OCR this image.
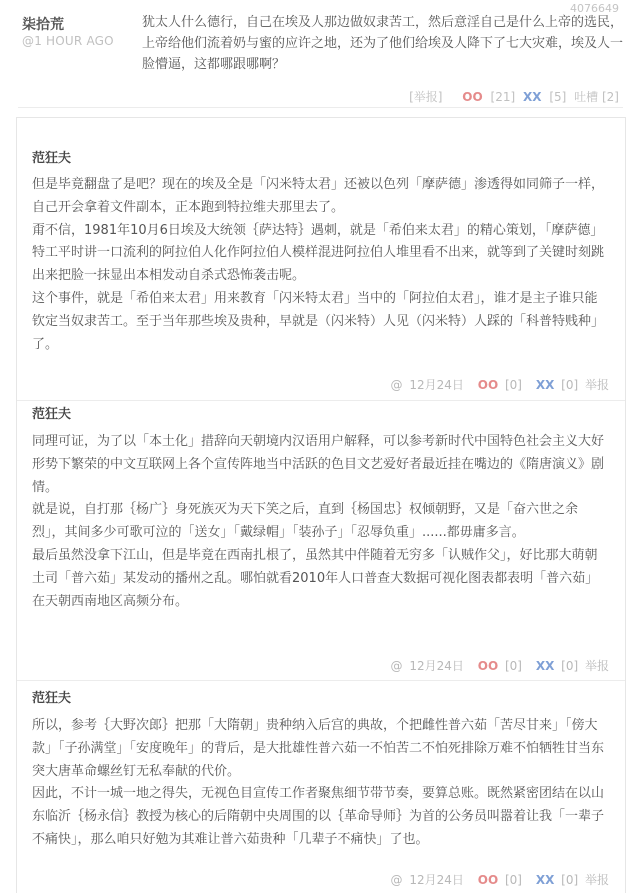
4076649
柒拾荒
@1 HOUR AGO
犹太人什么德行，自己在埃及人那边做奴隶苦工，然后意淫自己是什么上帝的选民，上帝给他们流着奶与蜜的应许之地，还为了他们给埃及人降下了七大灾难，埃及人一脸懵逼，这都哪跟哪啊？
[举报] OO [21] XX [5] 吐槽 [2]
范狂夫

但是毕竟翻盘了是吧？现在的埃及全是「闪米特太君」还被以色列「摩萨德」渗透得如同筛子一样，自己开会拿着文件副本，正本跑到特拉维夫那里去了。

甭不信，1981年10月6日埃及大统领｛萨达特｝遇刺，就是「希伯来太君」的精心策划，「摩萨德」特工平时讲一口流利的阿拉伯人化作阿拉伯人模样混进阿拉伯人堆里看不出来，就等到了关键时刻跳出来把脸一抹显出本相发动自杀式恐怖袭击呢。

这个事件，就是「希伯来太君」用来教育「闪米特太君」当中的「阿拉伯太君」，谁才是主子谁只能钦定当奴隶苦工。至于当年那些埃及贵种，早就是（闪米特）人见（闪米特）人踩的「科普特贱种」了。

@ 12月24日 OO [0] XX [0] 举报
范狂夫

同理可证，为了以「本土化」措辞向天朝境内汉语用户解释，可以参考新时代中国特色社会主义大好形势下繁荣的中文互联网上各个宣传阵地当中活跃的色目文艺爱好者最近挂在嘴边的《隋唐演义》剧情。

就是说，自打那｛杨广｝身死族灭为天下笑之后，直到｛杨国忠｝权倾朝野，又是「奋六世之余烈」，其间多少可歌可泣的「送女」「戴绿帽」「装孙子」「忍辱负重」......都毋庸多言。

最后虽然没拿下江山，但是毕竟在西南扎根了，虽然其中伴随着无穷多「认贼作父」，好比那大萌朝土司「普六茹」某发动的播州之乱。哪怕就看2010年人口普查大数据可视化图表都表明「普六茹」在天朝西南地区高频分布。

@ 12月24日 OO [0] XX [0] 举报
范狂夫

所以，参考｛大野次郎｝把那「大隋朝」贵种纳入后宫的典故，个把雌性普六茹「苦尽甘来」「傍大款」「子孙满堂」「安度晚年」的背后，是大批雄性普六茹一不怕苦二不怕死排除万难不怕牺牲甘当东突大唐革命螺丝钉无私奉献的代价。

因此，不计一城一地之得失，无视色目宣传工作者聚焦细节带节奏，要算总账。既然紧密团结在以山东临沂｛杨永信｝教授为核心的后隋朝中央周围的以｛革命导师｝为首的公务员叫嚣着让我「一辈子不痛快」，那么咱只好勉为其难让普六茹贵种「几辈子不痛快」了也。

@ 12月24日 OO [0] XX [0] 举报
